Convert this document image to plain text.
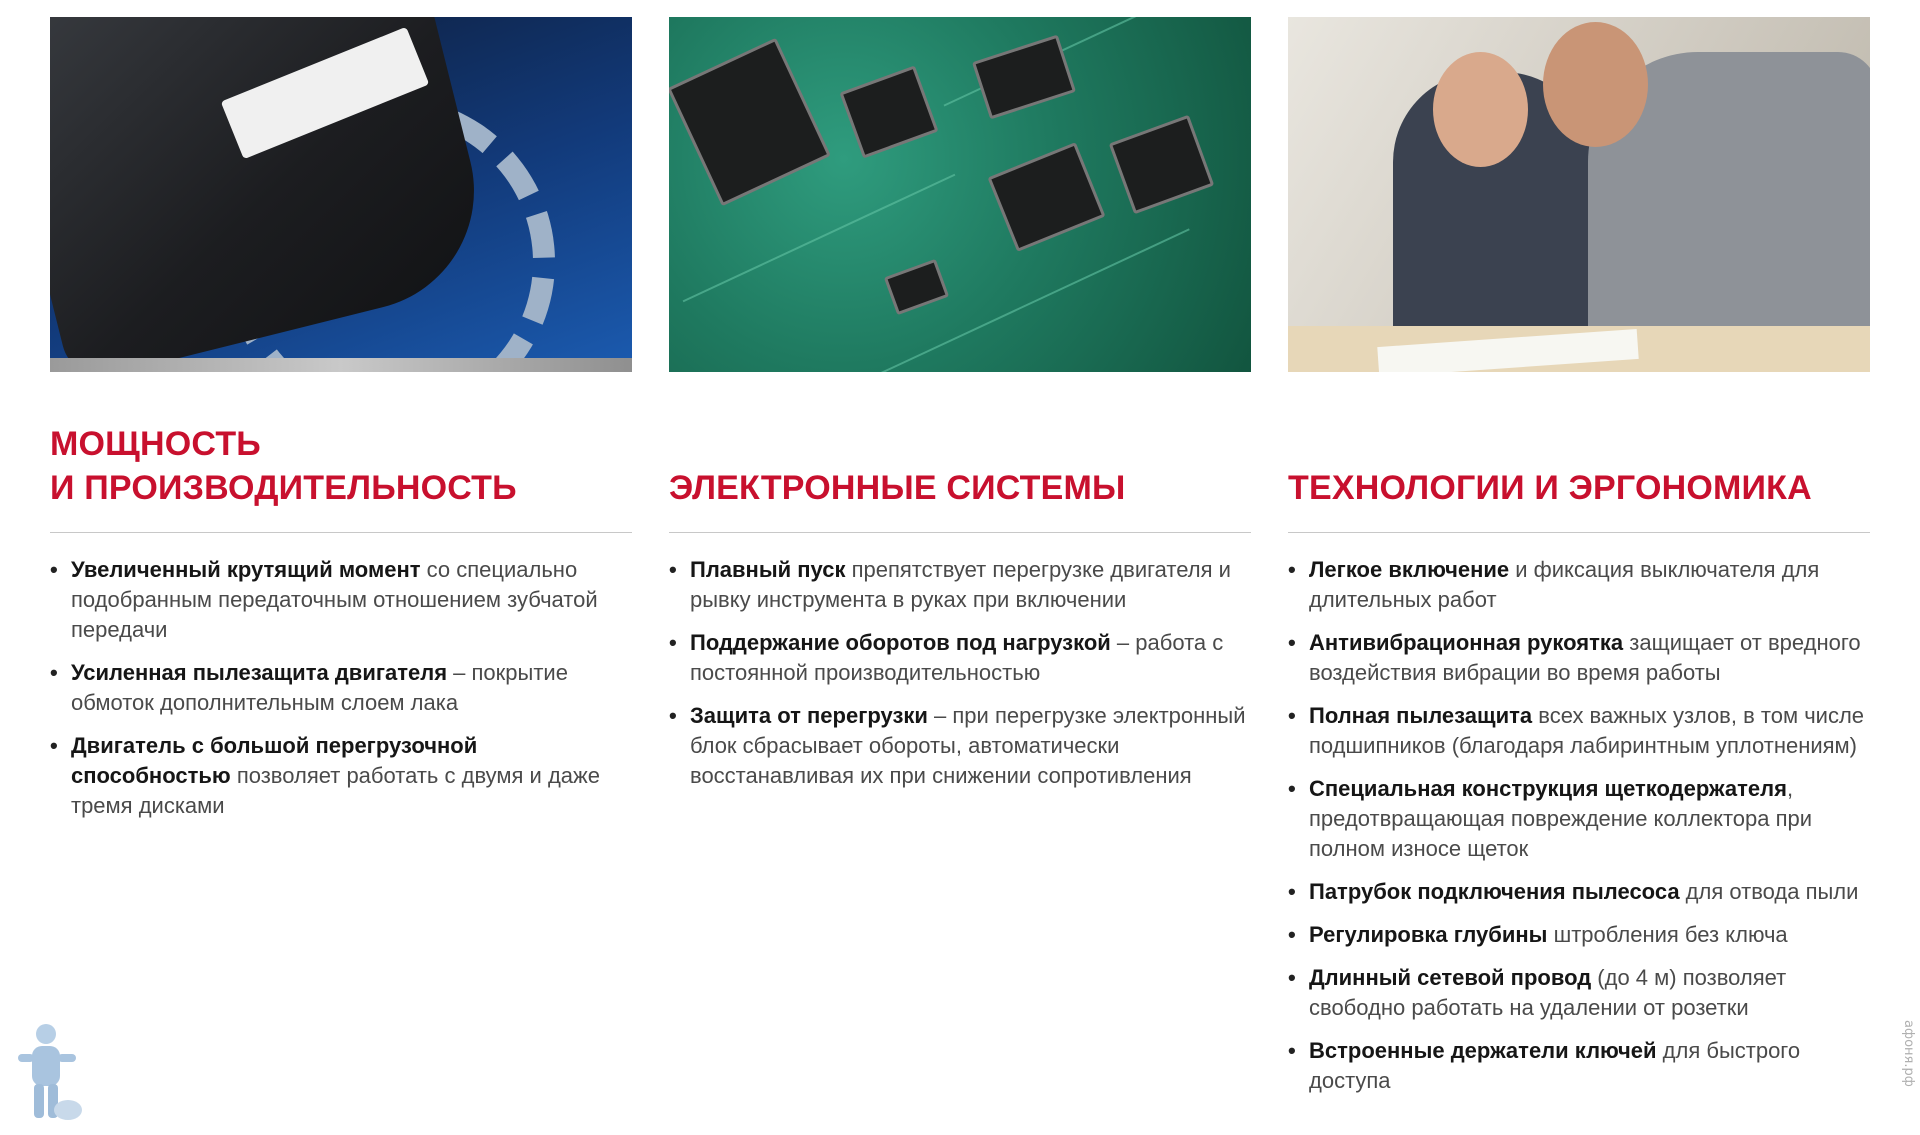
МОЩНОСТЬ
И ПРОИЗВОДИТЕЛЬНОСТЬ
• Увеличенный крутящий момент со специально подобранным передаточным отношением зубчатой передачи
• Усиленная пылезащита двигателя – покрытие обмоток дополнительным слоем лака
• Двигатель с большой перегрузочной способностью позволяет работать с двумя и даже тремя дисками
ЭЛЕКТРОННЫЕ СИСТЕМЫ
• Плавный пуск препятствует перегрузке двигателя и рывку инструмента в руках при включении
• Поддержание оборотов под нагрузкой – работа с постоянной производительностью
• Защита от перегрузки – при перегрузке электронный блок сбрасывает обороты, автоматически восстанавливая их при снижении сопротивления
ТЕХНОЛОГИИ И ЭРГОНОМИКА
• Легкое включение и фиксация выключателя для длительных работ
• Антивибрационная рукоятка защищает от вредного воздействия вибрации во время работы
• Полная пылезащита всех важных узлов, в том числе подшипников (благодаря лабиринтным уплотнениям)
• Специальная конструкция щеткодержателя, предотвращающая повреждение коллектора при полном износе щеток
• Патрубок подключения пылесоса для отвода пыли
• Регулировка глубины штробления без ключа
• Длинный сетевой провод (до 4 м) позволяет свободно работать на удалении от розетки
• Встроенные держатели ключей для быстрого доступа	афоня.рф
